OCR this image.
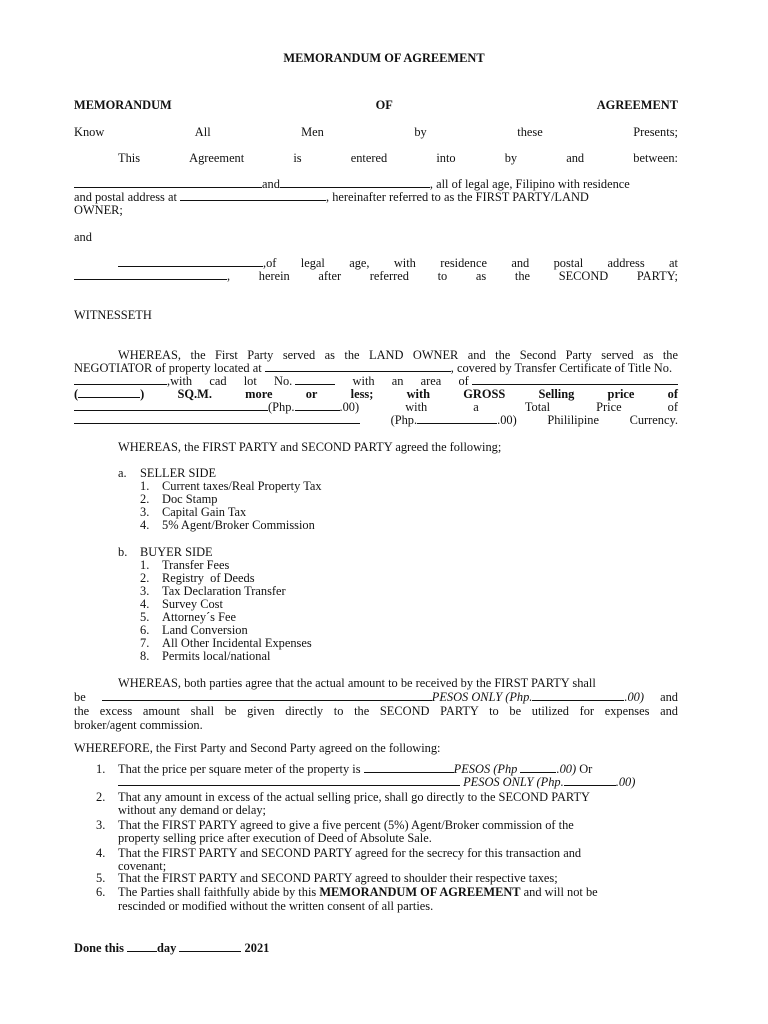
MEMORANDUM OF AGREEMENT
MEMORANDUM	OF	AGREEMENT
Know	All	Men	by	these	Presents;
This	Agreement	is	entered	into	by	and	between:
and	, all of legal age, Filipino with residence
and postal address at	, hereinafter referred to as the FIRST PARTY/LAND
OWNER;
and
,of legal age, with residence and postal address at
, herein after referred to as the SECOND PARTY;
WITNESSETH
WHEREAS, the First Party served as the LAND OWNER and the Second Party served as the
NEGOTIATOR of property located at	, covered by Transfer Certificate of Title No.
,with cad lot No.	with an area of
(	)	SQ.M.	more	or	less;	with	GROSS	Selling	price	of
(Php.	.00)	with	a	Total	Price	of
(Php.	.00) Phililipine Currency.
WHEREAS, the FIRST PARTY and SECOND PARTY agreed the following;
a. SELLER SIDE
1. Current taxes/Real Property Tax
2. Doc Stamp
3. Capital Gain Tax
4. 5% Agent/Broker Commission
b. BUYER SIDE
1. Transfer Fees
2. Registry  of Deeds
3. Tax Declaration Transfer
4. Survey Cost
5. Attorney´s Fee
6. Land Conversion
7. All Other Incidental Expenses
8. Permits local/national
WHEREAS, both parties agree that the actual amount to be received by the FIRST PARTY shall
be	PESOS ONLY (Php.	.00) and
the excess amount shall be given directly to the SECOND PARTY to be utilized for expenses and
broker/agent commission.
WHEREFORE, the First Party and Second Party agreed on the following:
1. That the price per square meter of the property is	PESOS (Php	.00) Or
PESOS ONLY (Php.	.00)
2. That any amount in excess of the actual selling price, shall go directly to the SECOND PARTY
without any demand or delay;
3. That the FIRST PARTY agreed to give a five percent (5%) Agent/Broker commission of the
property selling price after execution of Deed of Absolute Sale.
4. That the FIRST PARTY and SECOND PARTY agreed for the secrecy for this transaction and
covenant;
5. That the FIRST PARTY and SECOND PARTY agreed to shoulder their respective taxes;
6. The Parties shall faithfully abide by this MEMORANDUM OF AGREEMENT and will not be
rescinded or modified without the written consent of all parties.
Done this	day	2021
